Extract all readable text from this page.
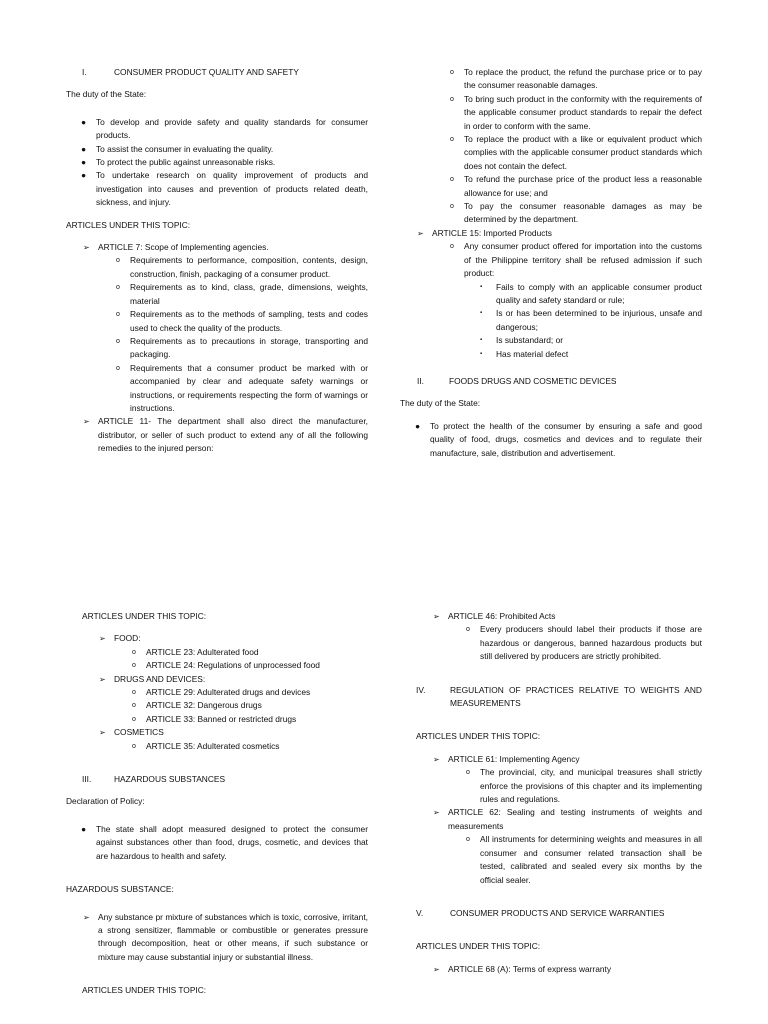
I.	CONSUMER PRODUCT QUALITY AND SAFETY

The duty of the State:

● To develop and provide safety and quality standards for consumer products.
● To assist the consumer in evaluating the quality.
● To protect the public against unreasonable risks.
● To undertake research on quality improvement of products and investigation into causes and prevention of products related death, sickness, and injury.

ARTICLES UNDER THIS TOPIC:

➢ ARTICLE 7: Scope of Implementing agencies.
o Requirements to performance, composition, contents, design, construction, finish, packaging of a consumer product.
o Requirements as to kind, class, grade, dimensions, weights, material
o Requirements as to the methods of sampling, tests and codes used to check the quality of the products.
o Requirements as to precautions in storage, transporting and packaging.
o Requirements that a consumer product be marked with or accompanied by clear and adequate safety warnings or instructions, or requirements respecting the form of warnings or instructions.
➢ ARTICLE 11- The department shall also direct the manufacturer, distributor, or seller of such product to extend any of all the following remedies to the injured person:
o To replace the product, the refund the purchase price or to pay the consumer reasonable damages.
o To bring such product in the conformity with the requirements of the applicable consumer product standards to repair the defect in order to conform with the same.
o To replace the product with a like or equivalent product which complies with the applicable consumer product standards which does not contain the defect.
o To refund the purchase price of the product less a reasonable allowance for use; and
o To pay the consumer reasonable damages as may be determined by the department.
➢ ARTICLE 15: Imported Products
o Any consumer product offered for importation into the customs of the Philippine territory shall be refused admission if such product:
▪ Fails to comply with an applicable consumer product quality and safety standard or rule;
▪ Is or has been determined to be injurious, unsafe and dangerous;
▪ Is substandard; or
▪ Has material defect
II.	FOODS DRUGS AND COSMETIC DEVICES

The duty of the State:

● To protect the health of the consumer by ensuring a safe and good quality of food, drugs, cosmetics and devices and to regulate their manufacture, sale, distribution and advertisement.

ARTICLES UNDER THIS TOPIC:

➢ FOOD:
o ARTICLE 23: Adulterated food
o ARTICLE 24: Regulations of unprocessed food
➢ DRUGS AND DEVICES:
o ARTICLE 29: Adulterated drugs and devices
o ARTICLE 32: Dangerous drugs
o ARTICLE 33: Banned or restricted drugs
➢ COSMETICS
o ARTICLE 35: Adulterated cosmetics
III.	HAZARDOUS SUBSTANCES

Declaration of Policy:

● The state shall adopt measured designed to protect the consumer against substances other than food, drugs, cosmetic, and devices that are hazardous to health and safety.

HAZARDOUS SUBSTANCE:

➢ Any substance pr mixture of substances which is toxic, corrosive, irritant, a strong sensitizer, flammable or combustible or generates pressure through decomposition, heat or other means, if such substance or mixture may cause substantial injury or substantial illness.

ARTICLES UNDER THIS TOPIC:

➢ ARTICLE 46: Prohibited Acts
o Every producers should label their products if those are hazardous or dangerous, banned hazardous products but still delivered by producers are strictly prohibited.
IV.	REGULATION OF PRACTICES RELATIVE TO WEIGHTS AND MEASUREMENTS

ARTICLES UNDER THIS TOPIC:

➢ ARTICLE 61: Implementing Agency
o The provincial, city, and municipal treasures shall strictly enforce the provisions of this chapter and its implementing rules and regulations.
➢ ARTICLE 62: Sealing and testing instruments of weights and measurements
o All instruments for determining weights and measures in all consumer and consumer related transaction shall be tested, calibrated and sealed every six months by the official sealer.
V.	CONSUMER PRODUCTS AND SERVICE WARRANTIES

ARTICLES UNDER THIS TOPIC:

➢ ARTICLE 68 (A): Terms of express warranty
